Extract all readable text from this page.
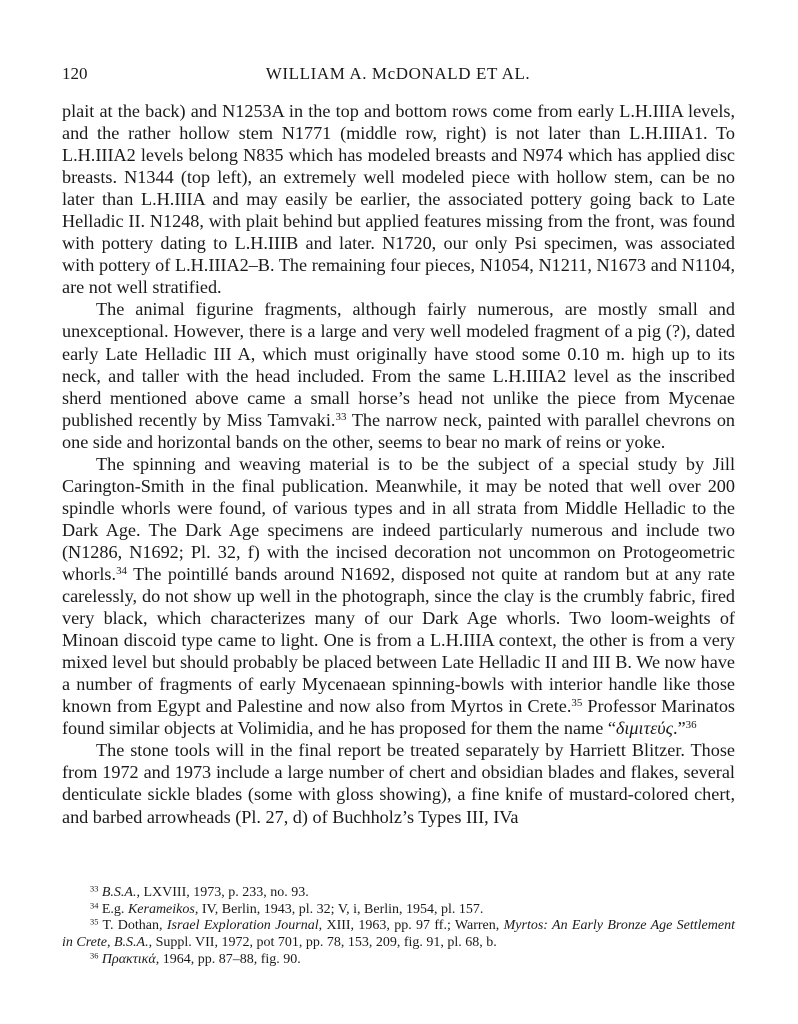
120	WILLIAM A. McDONALD ET AL.

plait at the back) and N1253A in the top and bottom rows come from early L.H.IIIA levels, and the rather hollow stem N1771 (middle row, right) is not later than L.H.IIIA1. To L.H.IIIA2 levels belong N835 which has modeled breasts and N974 which has applied disc breasts. N1344 (top left), an extremely well modeled piece with hollow stem, can be no later than L.H.IIIA and may easily be earlier, the associated pottery going back to Late Helladic II. N1248, with plait behind but applied features missing from the front, was found with pottery dating to L.H.IIIB and later. N1720, our only Psi specimen, was associated with pottery of L.H.IIIA2–B. The remaining four pieces, N1054, N1211, N1673 and N1104, are not well stratified.

The animal figurine fragments, although fairly numerous, are mostly small and unexceptional. However, there is a large and very well modeled fragment of a pig (?), dated early Late Helladic III A, which must originally have stood some 0.10 m. high up to its neck, and taller with the head included. From the same L.H.IIIA2 level as the inscribed sherd mentioned above came a small horse’s head not unlike the piece from Mycenae published recently by Miss Tamvaki.$^{33}$ The narrow neck, painted with parallel chevrons on one side and horizontal bands on the other, seems to bear no mark of reins or yoke.

The spinning and weaving material is to be the subject of a special study by Jill Carington-Smith in the final publication. Meanwhile, it may be noted that well over 200 spindle whorls were found, of various types and in all strata from Middle Helladic to the Dark Age. The Dark Age specimens are indeed particularly numerous and include two (N1286, N1692; Pl. 32, f) with the incised decoration not uncommon on Protogeometric whorls.$^{34}$ The pointillé bands around N1692, disposed not quite at random but at any rate carelessly, do not show up well in the photograph, since the clay is the crumbly fabric, fired very black, which characterizes many of our Dark Age whorls. Two loom-weights of Minoan discoid type came to light. One is from a L.H.IIIA context, the other is from a very mixed level but should probably be placed between Late Helladic II and III B. We now have a number of fragments of early Mycenaean spinning-bowls with interior handle like those known from Egypt and Palestine and now also from Myrtos in Crete.$^{35}$ Professor Marinatos found similar objects at Volimidia, and he has proposed for them the name “διμιτεύς.”$^{36}$

The stone tools will in the final report be treated separately by Harriett Blitzer. Those from 1972 and 1973 include a large number of chert and obsidian blades and flakes, several denticulate sickle blades (some with gloss showing), a fine knife of mustard-colored chert, and barbed arrowheads (Pl. 27, d) of Buchholz’s Types III, IVa

$^{33}$ B.S.A., LXVIII, 1973, p. 233, no. 93.

$^{34}$ E.g. Kerameikos, IV, Berlin, 1943, pl. 32; V, i, Berlin, 1954, pl. 157.

$^{35}$ T. Dothan, Israel Exploration Journal, XIII, 1963, pp. 97 ff.; Warren, Myrtos: An Early Bronze Age Settlement in Crete, B.S.A., Suppl. VII, 1972, pot 701, pp. 78, 153, 209, fig. 91, pl. 68, b.

$^{36}$ Πρακτικά, 1964, pp. 87–88, fig. 90.
